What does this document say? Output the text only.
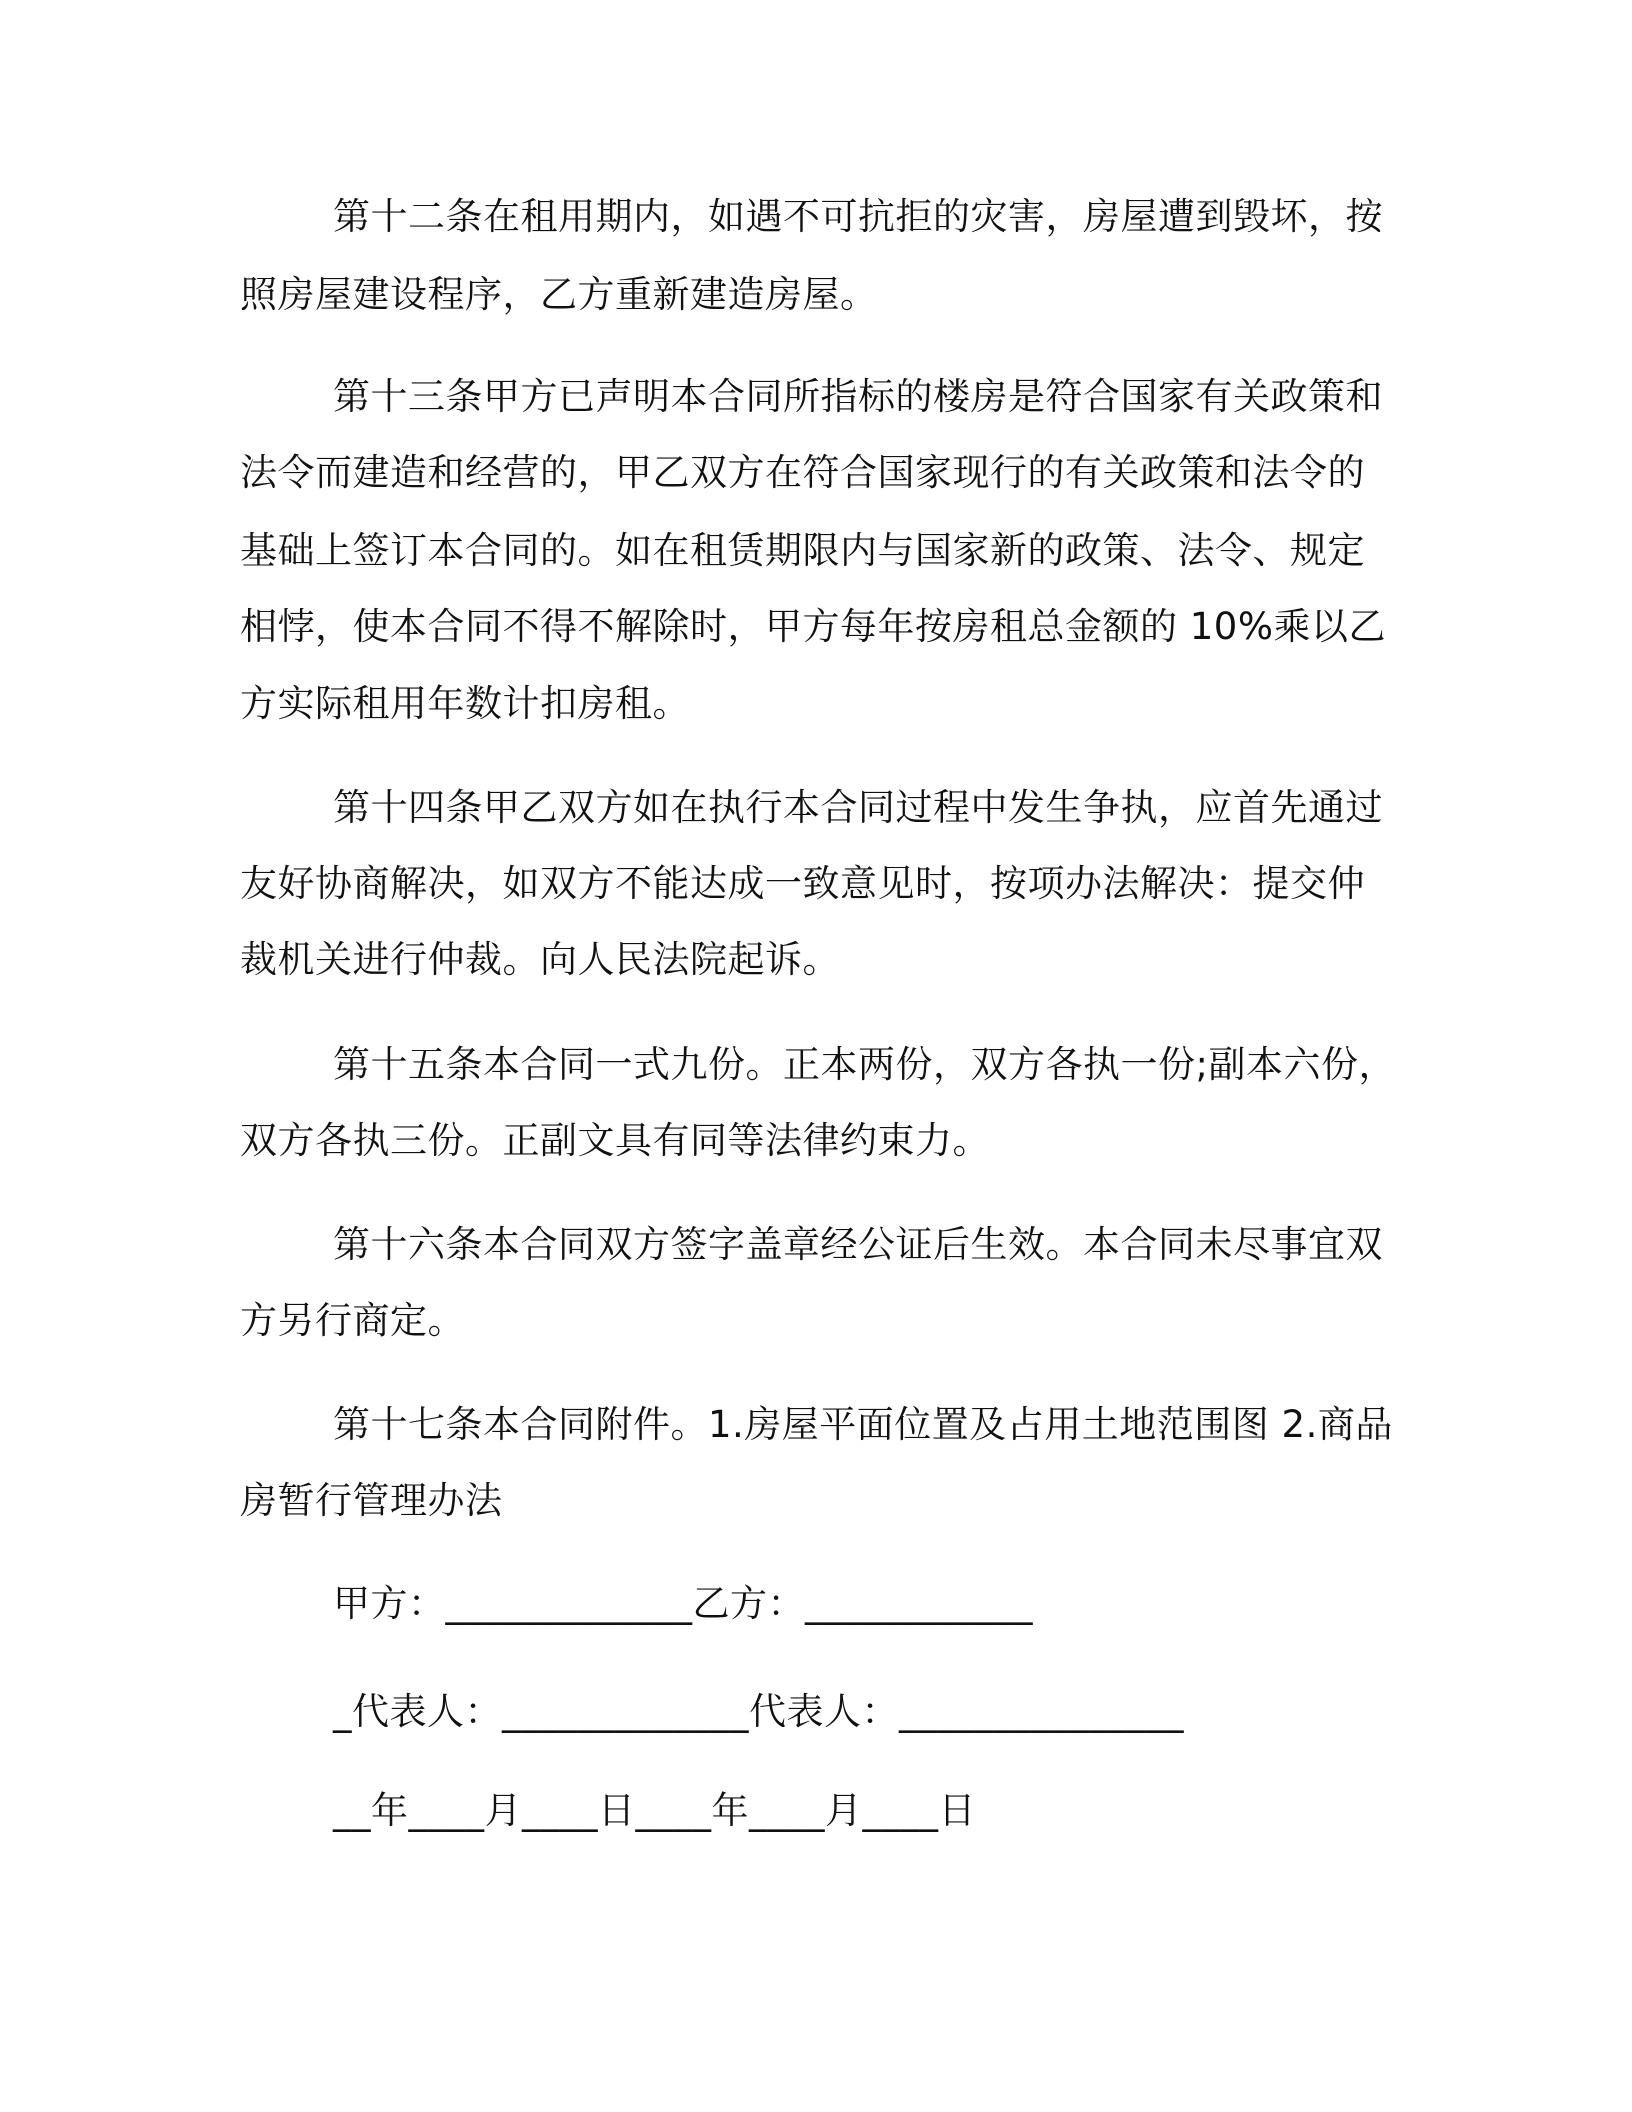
第十二条在租用期内，如遇不可抗拒的灾害，房屋遭到毁坏，按
照房屋建设程序，乙方重新建造房屋。
第十三条甲方已声明本合同所指标的楼房是符合国家有关政策和
法令而建造和经营的，甲乙双方在符合国家现行的有关政策和法令的
基础上签订本合同的。如在租赁期限内与国家新的政策、法令、规定
相悖，使本合同不得不解除时，甲方每年按房租总金额的 10%乘以乙
方实际租用年数计扣房租。
第十四条甲乙双方如在执行本合同过程中发生争执，应首先通过
友好协商解决，如双方不能达成一致意见时，按项办法解决：提交仲
裁机关进行仲裁。向人民法院起诉。
第十五条本合同一式九份。正本两份，双方各执一份;副本六份，
双方各执三份。正副文具有同等法律约束力。
第十六条本合同双方签字盖章经公证后生效。本合同未尽事宜双
方另行商定。
第十七条本合同附件。1.房屋平面位置及占用土地范围图 2.商品
房暂行管理办法
甲方：_____________乙方：____________
_代表人：_____________代表人：_______________
__年____月____日____年____月____日
